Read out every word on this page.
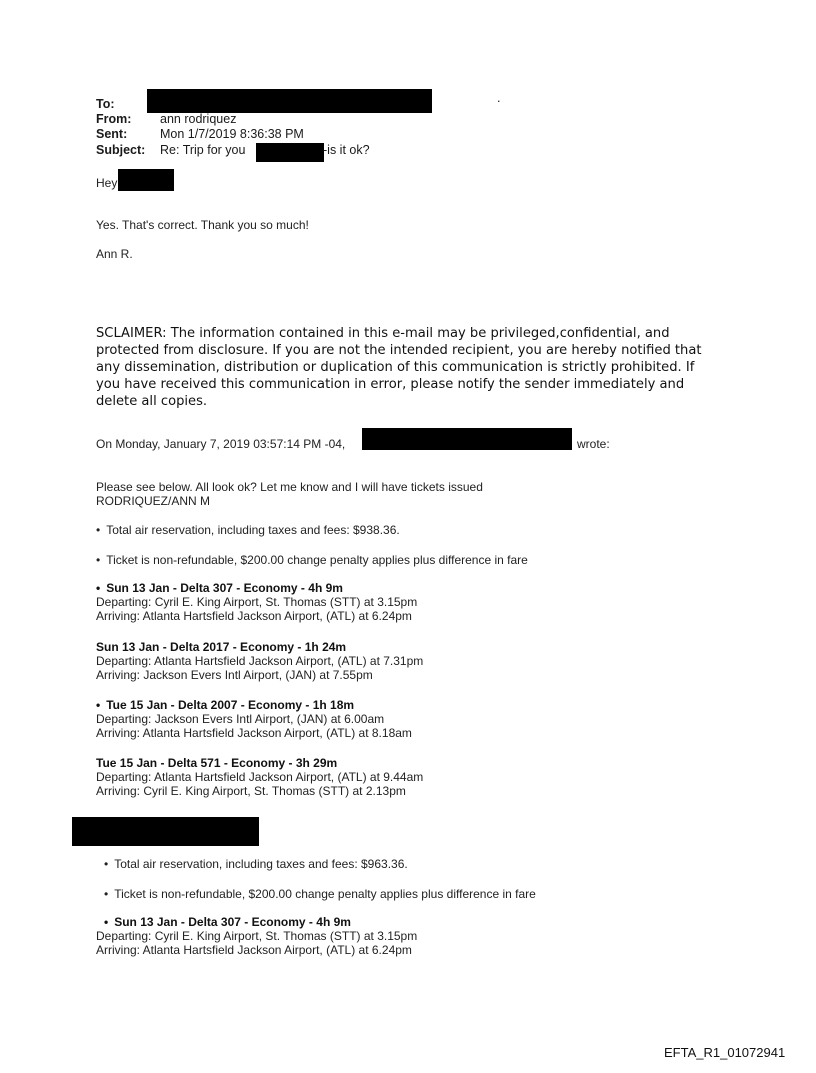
To:	.
From: ann rodriquez
Sent:	Mon 1/7/2019 8:36:38 PM
Subject: Re: Trip for you	-is it ok?
Hey
Yes. That's correct. Thank you so much!
Ann R.
SCLAIMER: The information contained in this e-mail may be privileged,confidential, and protected from disclosure. If you are not the intended recipient, you are hereby notified that any dissemination, distribution or duplication of this communication is strictly prohibited. If you have received this communication in error, please notify the sender immediately and delete all copies.
On Monday, January 7, 2019 03:57:14 PM -04,	wrote:
Please see below. All look ok? Let me know and I will have tickets issued
RODRIQUEZ/ANN M
• Total air reservation, including taxes and fees: $938.36.
• Ticket is non-refundable, $200.00 change penalty applies plus difference in fare
• Sun 13 Jan - Delta 307 - Economy - 4h 9m
Departing: Cyril E. King Airport, St. Thomas (STT) at 3.15pm
Arriving: Atlanta Hartsfield Jackson Airport, (ATL) at 6.24pm
Sun 13 Jan - Delta 2017 - Economy - 1h 24m
Departing: Atlanta Hartsfield Jackson Airport, (ATL) at 7.31pm
Arriving: Jackson Evers Intl Airport, (JAN) at 7.55pm
• Tue 15 Jan - Delta 2007 - Economy - 1h 18m
Departing: Jackson Evers Intl Airport, (JAN) at 6.00am
Arriving: Atlanta Hartsfield Jackson Airport, (ATL) at 8.18am
Tue 15 Jan - Delta 571 - Economy - 3h 29m
Departing: Atlanta Hartsfield Jackson Airport, (ATL) at 9.44am
Arriving: Cyril E. King Airport, St. Thomas (STT) at 2.13pm
• Total air reservation, including taxes and fees: $963.36.
• Ticket is non-refundable, $200.00 change penalty applies plus difference in fare
• Sun 13 Jan - Delta 307 - Economy - 4h 9m
Departing: Cyril E. King Airport, St. Thomas (STT) at 3.15pm
Arriving: Atlanta Hartsfield Jackson Airport, (ATL) at 6.24pm
EFTA_R1_01072941
